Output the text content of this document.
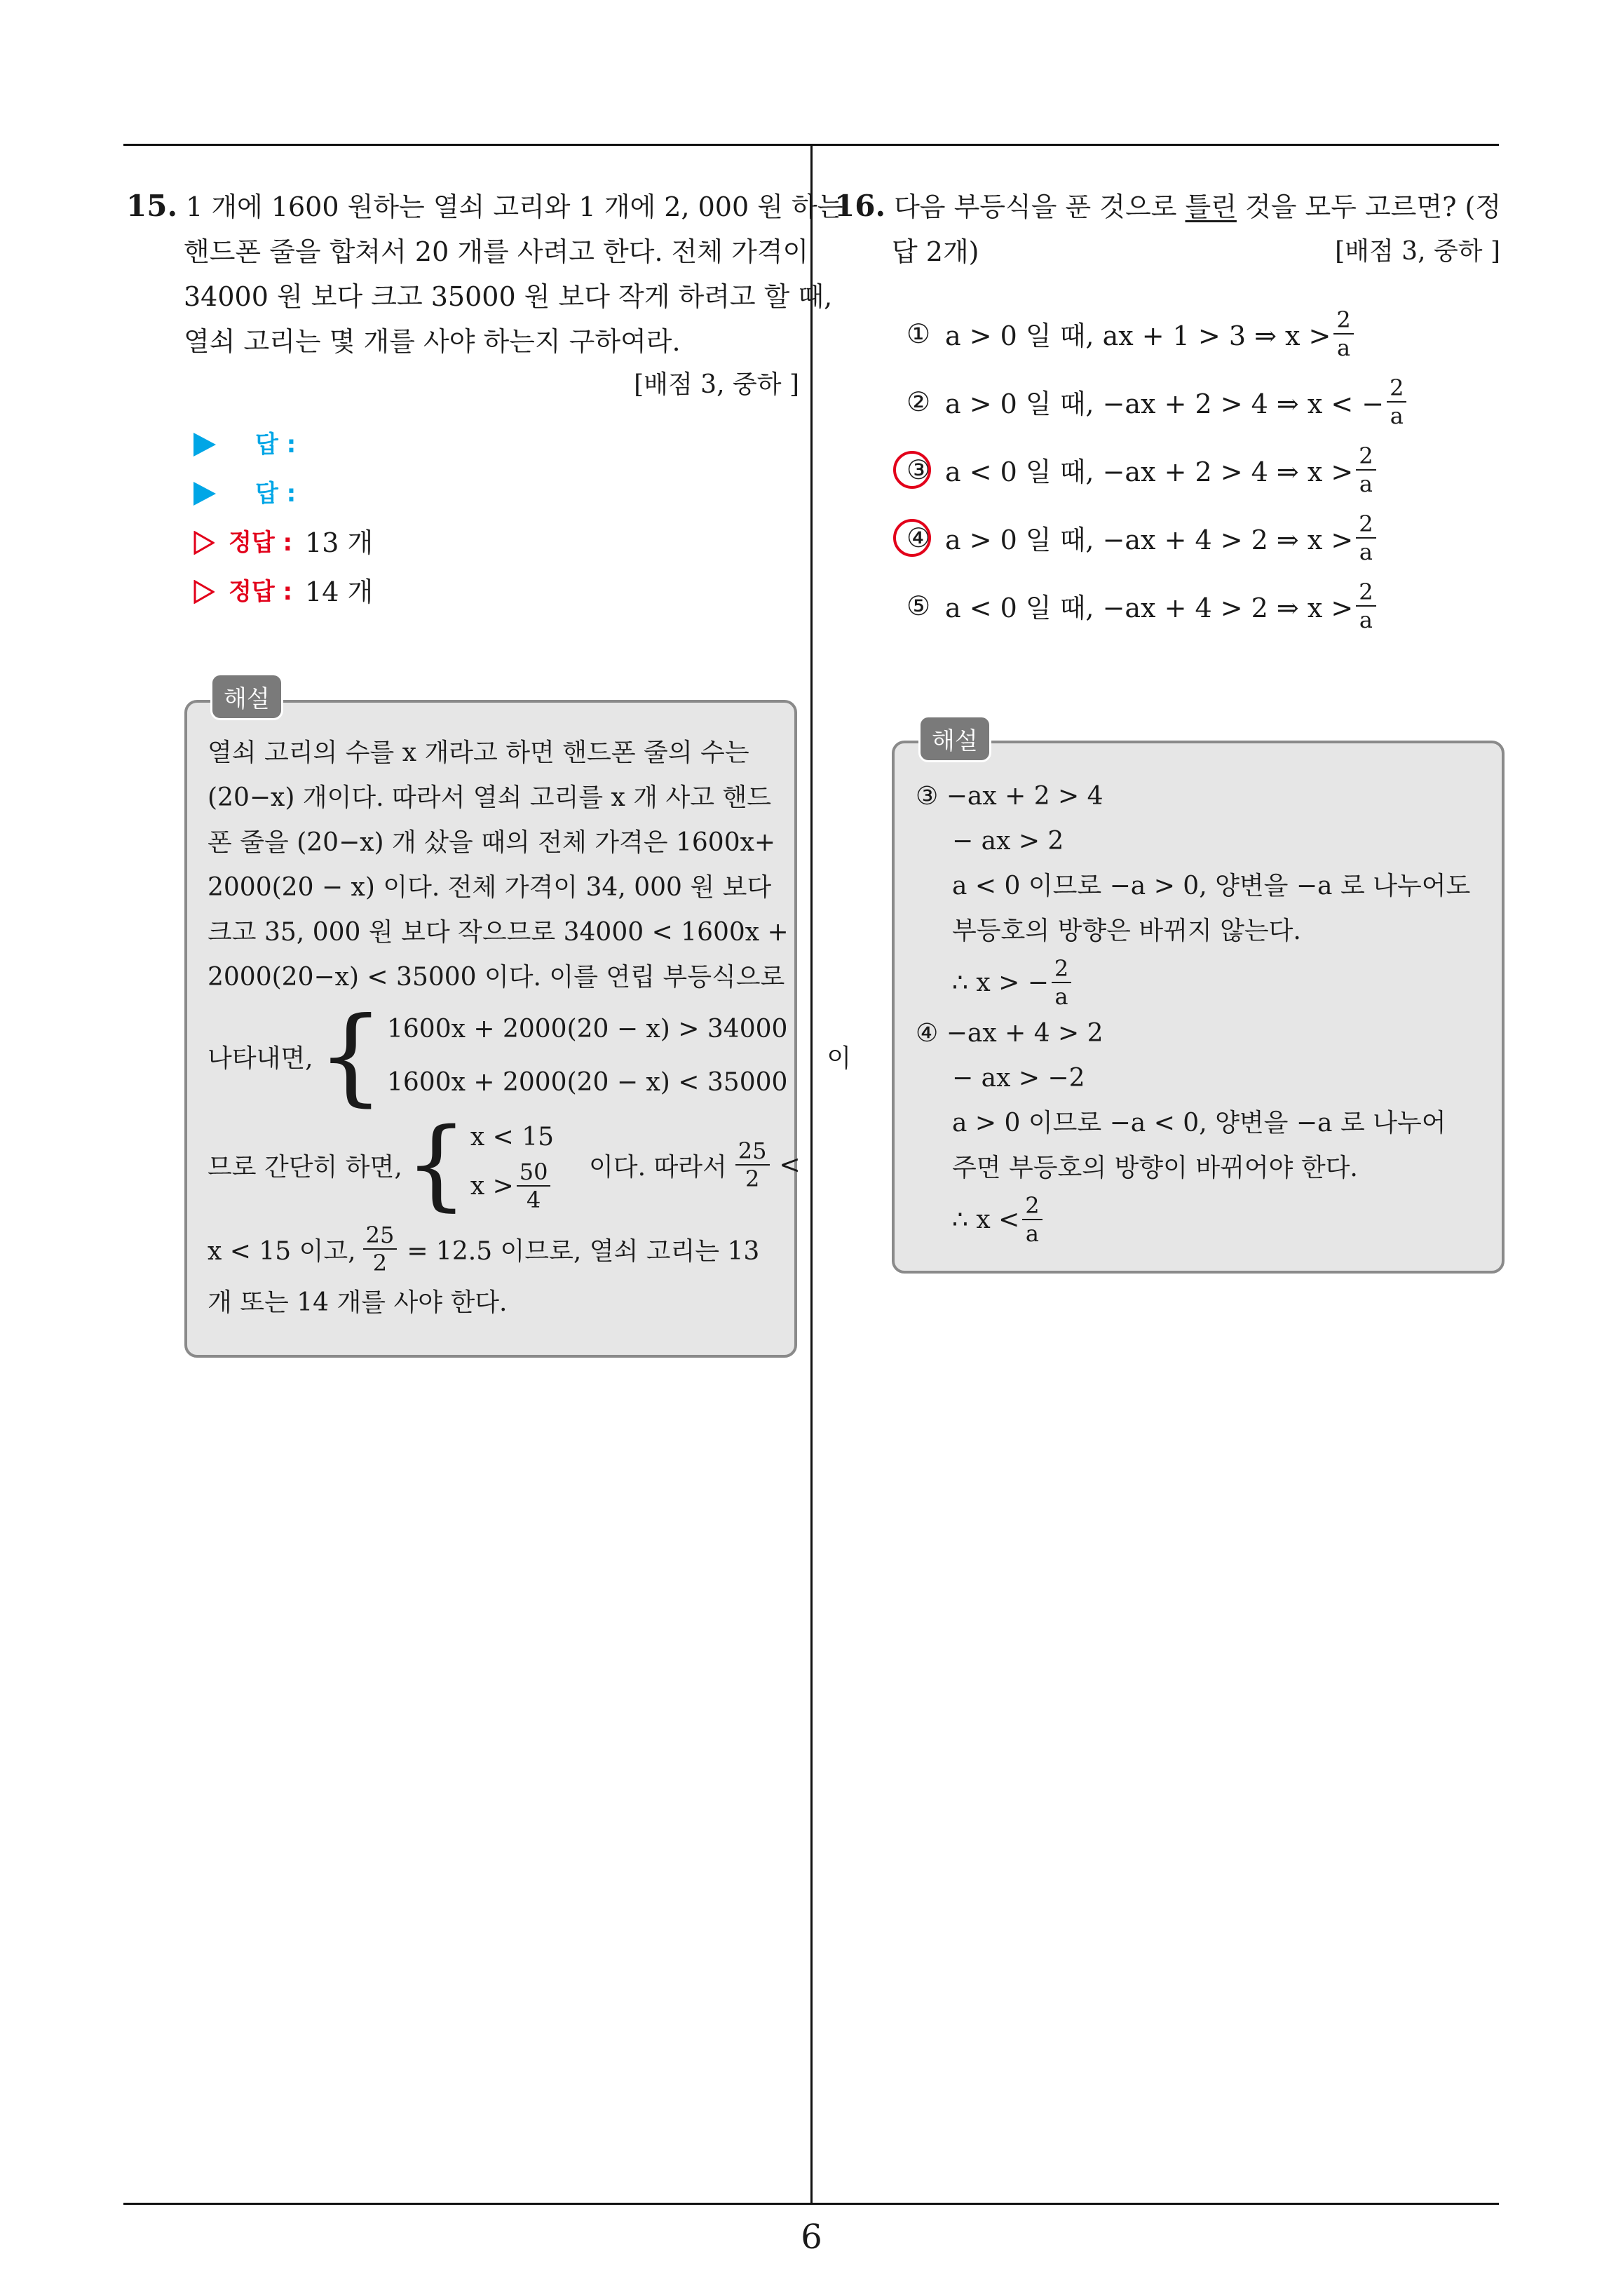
15. 1 개에 1600 원하는 열쇠 고리와 1 개에 2, 000 원 하는
핸드폰 줄을 합쳐서 20 개를 사려고 한다. 전체 가격이
34000 원 보다 크고 35000 원 보다 작게 하려고 할 때,
열쇠 고리는 몇 개를 사야 하는지 구하여라.
[배점 3, 중하 ]
답 :
답 :
정답 : 13 개
정답 : 14 개
해설
열쇠 고리의 수를 x 개라고 하면 핸드폰 줄의 수는
(20−x) 개이다. 따라서 열쇠 고리를 x 개 사고 핸드
폰 줄을 (20−x) 개 샀을 때의 전체 가격은 1600x+
2000(20 − x) 이다. 전체 가격이 34, 000 원 보다
크고 35, 000 원 보다 작으므로 34000 < 1600x +
2000(20−x) < 35000 이다. 이를 연립 부등식으로
나타내면, { 1600x + 2000(20 − x) > 34000
1600x + 2000(20 − x) < 35000
이
므로 간단히 하면, { x < 15
$x > \frac{50}{4}$ 이다. 따라서 $\frac{25}{2}$ <
x < 15 이고, $\frac{25}{2} = 12.5$ 이므로, 열쇠 고리는 13
개 또는 14 개를 사야 한다.
16. 다음 부등식을 푼 것으로 틀린 것을 모두 고르면? (정
답 2개)	[배점 3, 중하 ]
① a > 0 일 때, ax + 1 > 3 ⇒ $x > \frac{2}{a}$
② a > 0 일 때, −ax + 2 > 4 ⇒ x < − $\frac{2}{a}$
③ a < 0 일 때, −ax + 2 > 4 ⇒ $x > \frac{2}{a}$
④ a > 0 일 때, −ax + 4 > 2 ⇒ $x > \frac{2}{a}$
⑤ a < 0 일 때, −ax + 4 > 2 ⇒ $x > \frac{2}{a}$
해설
③ −ax + 2 > 4
− ax > 2
a < 0 이므로 −a > 0, 양변을 −a 로 나누어도
부등호의 방향은 바뀌지 않는다.
∴ x > − $\frac{2}{a}$
④ −ax + 4 > 2
− ax > −2
a > 0 이므로 −a < 0, 양변을 −a 로 나누어
주면 부등호의 방향이 바뀌어야 한다.
∴ $x < \frac{2}{a}$
6
